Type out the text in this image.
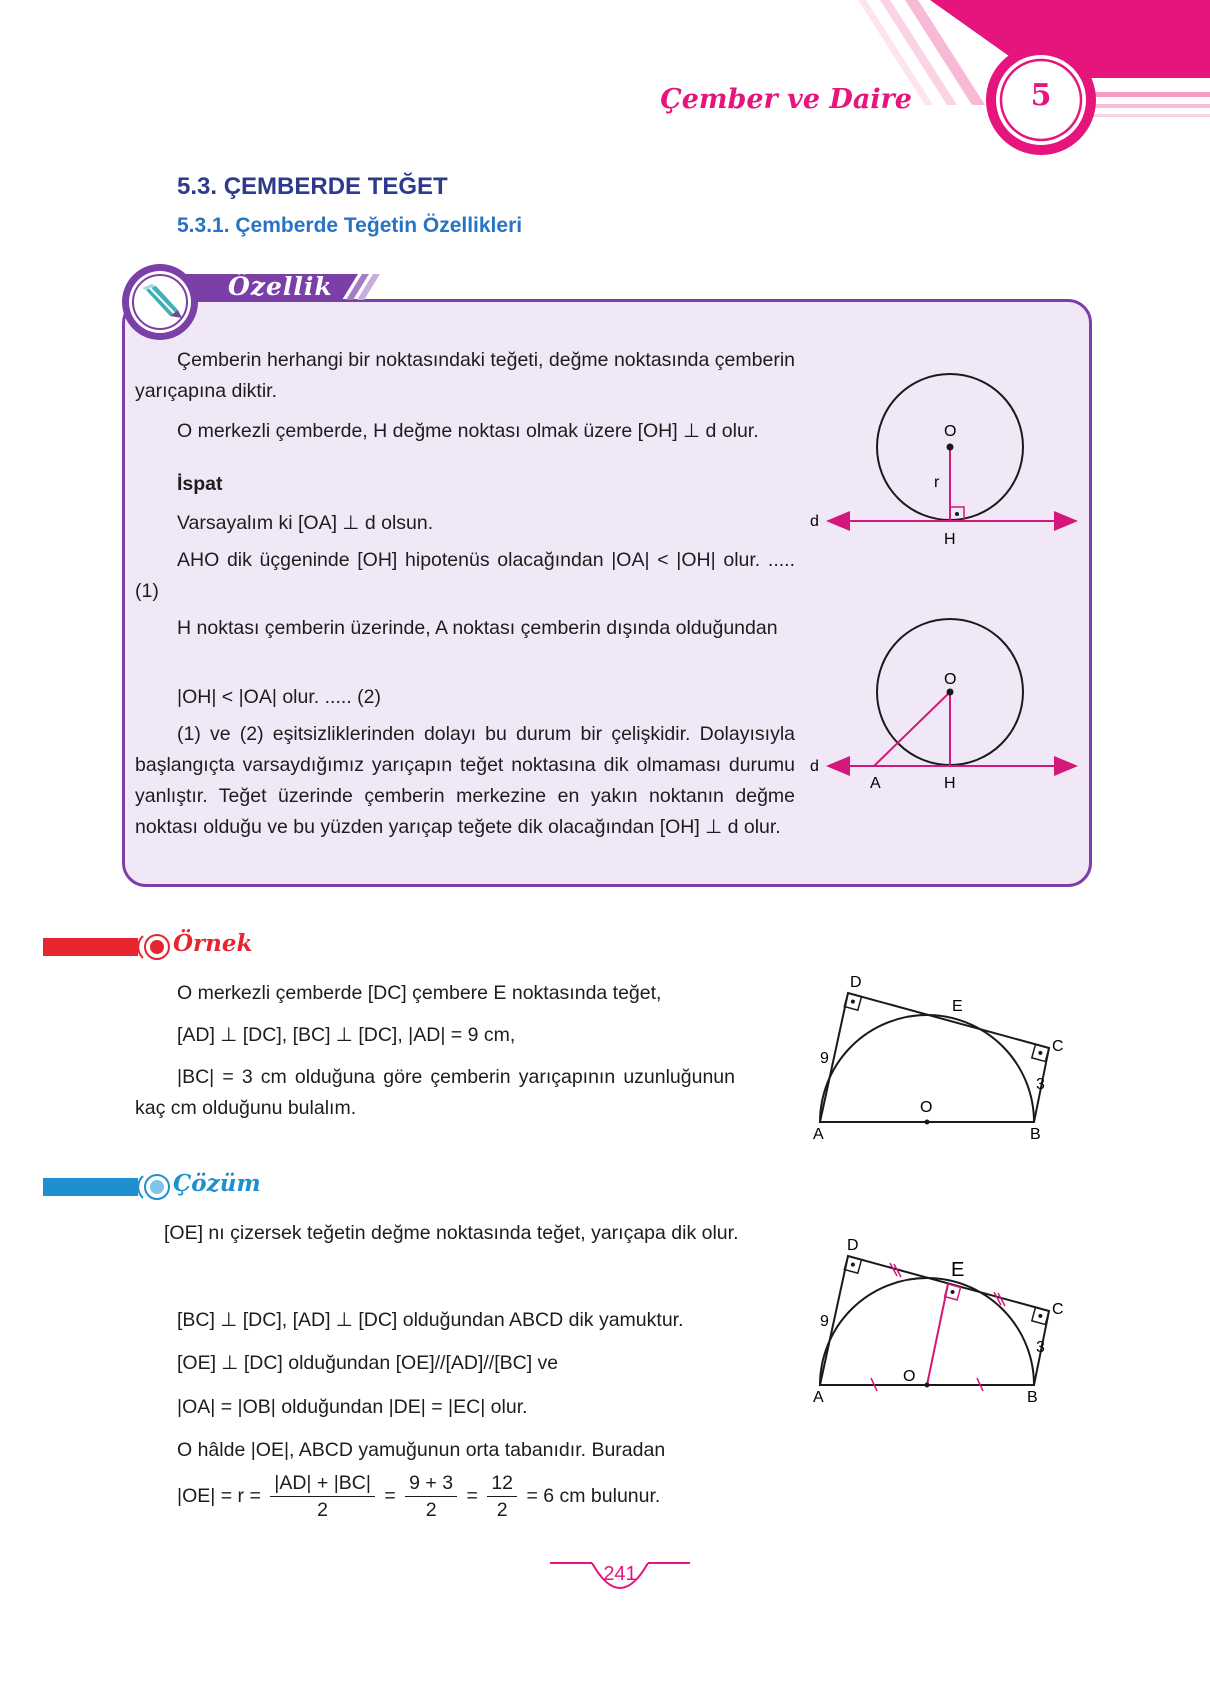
Çember ve Daire	5
5.3. ÇEMBERDE TEĞET
5.3.1. Çemberde Teğetin Özellikleri
Özellik

Çemberin herhangi bir noktasındaki teğeti, değme noktasında çemberin yarıçapına diktir.

O merkezli çemberde, H değme noktası olmak üzere [OH] ⊥ d olur.

İspat

Varsayalım ki [OA] ⊥ d olsun.

AHO dik üçgeninde [OH] hipotenüs olacağından |OA| < |OH| olur. ..... (1)

H noktası çemberin üzerinde, A noktası çemberin dışında olduğundan

|OH| < |OA| olur. ..... (2)

(1) ve (2) eşitsizliklerinden dolayı bu durum bir çelişkidir. Dolayısıyla başlangıçta varsaydığımız yarıçapın teğet noktasına dik olmaması durumu yanlıştır. Teğet üzerinde çemberin merkezine en yakın noktanın değme noktası olduğu ve bu yüzden yarıçap teğete dik olacağından [OH] ⊥ d olur.

O
r
d
H
O
d
A	H
Örnek

O merkezli çemberde [DC] çembere E noktasında teğet,

[AD] ⊥ [DC], [BC] ⊥ [DC], |AD| = 9 cm,

|BC| = 3 cm olduğuna göre çemberin yarıçapının uzunluğunun kaç cm olduğunu bulalım.

D
E
C
A	B
O
9
3
Çözüm

[OE] nı çizersek teğetin değme noktasında teğet, yarıçapa dik olur.

[BC] ⊥ [DC], [AD] ⊥ [DC] olduğundan ABCD dik yamuktur.

[OE] ⊥ [DC] olduğundan [OE]//[AD]//[BC] ve

|OA| = |OB| olduğundan |DE| = |EC| olur.

O hâlde |OE|, ABCD yamuğunun orta tabanıdır. Buradan

$|OE| = r = \frac{|AD| + |BC|}{2} = \frac{9 + 3}{2} = \frac{12}{2} = 6$ cm bulunur.
D
E
C
A	B
O
9
3
241
